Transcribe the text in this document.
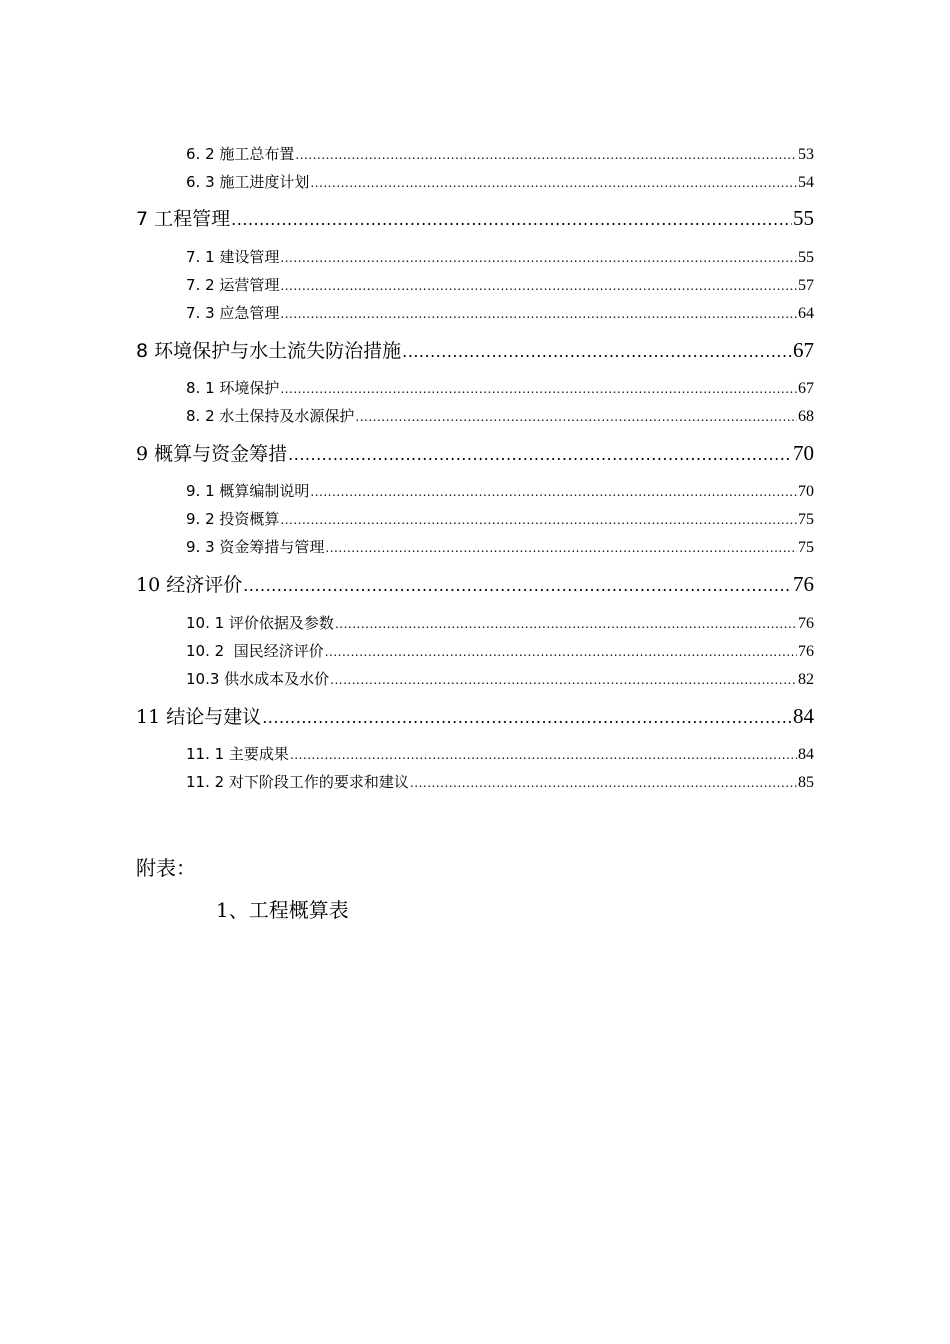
6. 2 施工总布置 .....	53
6. 3 施工进度计划 .....	54
7 工程管理 .....	55
7. 1 建设管理 .....	55
7. 2 运营管理 .....	57
7. 3 应急管理 .....	64
8 环境保护与水土流失防治措施 .....	67
8. 1 环境保护 .....	67
8. 2 水土保持及水源保护 .....	68
9 概算与资金筹措 .....	70
9. 1 概算编制说明 .....	70
9. 2 投资概算 .....	75
9. 3 资金筹措与管理 .....	75
10 经济评价 .....	76
10. 1 评价依据及参数 .....	76
10. 2  国民经济评价 .....	76
10.3 供水成本及水价 .....	82
11 结论与建议 .....	84
11. 1 主要成果 .....	84
11. 2 对下阶段工作的要求和建议 .....	85
附表：
1、工程概算表
